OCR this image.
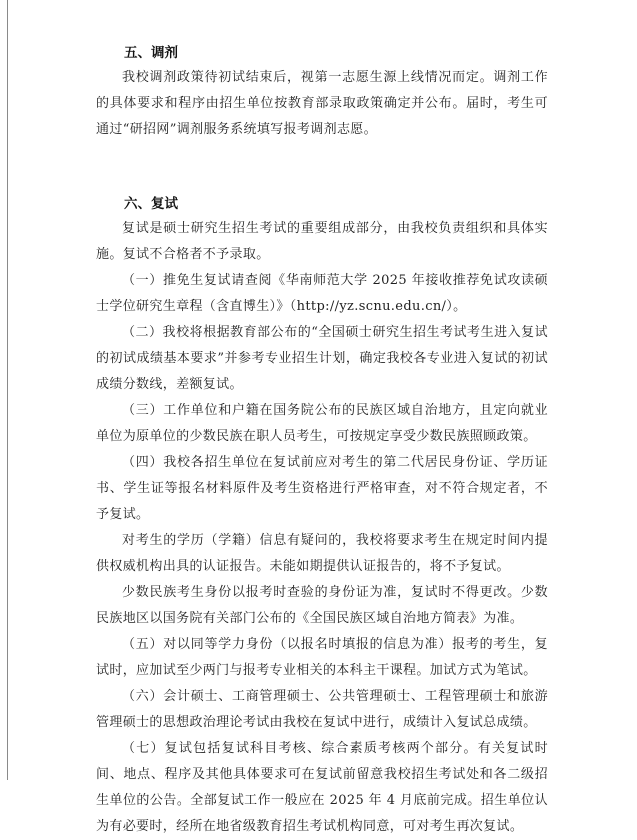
五、调剂

我校调剂政策待初试结束后，视第一志愿生源上线情况而定。调剂工作的具体要求和程序由招生单位按教育部录取政策确定并公布。届时，考生可通过“研招网”调剂服务系统填写报考调剂志愿。

六、复试

复试是硕士研究生招生考试的重要组成部分，由我校负责组织和具体实施。复试不合格者不予录取。

（一）推免生复试请查阅《华南师范大学 2025 年接收推荐免试攻读硕士学位研究生章程（含直博生）》（http://yz.scnu.edu.cn/）。

（二）我校将根据教育部公布的“全国硕士研究生招生考试考生进入复试的初试成绩基本要求”并参考专业招生计划，确定我校各专业进入复试的初试成绩分数线，差额复试。

（三）工作单位和户籍在国务院公布的民族区域自治地方，且定向就业单位为原单位的少数民族在职人员考生，可按规定享受少数民族照顾政策。

（四）我校各招生单位在复试前应对考生的第二代居民身份证、学历证书、学生证等报名材料原件及考生资格进行严格审查，对不符合规定者，不予复试。

对考生的学历（学籍）信息有疑问的，我校将要求考生在规定时间内提供权威机构出具的认证报告。未能如期提供认证报告的，将不予复试。

少数民族考生身份以报考时查验的身份证为准，复试时不得更改。少数民族地区以国务院有关部门公布的《全国民族区域自治地方简表》为准。

（五）对以同等学力身份（以报名时填报的信息为准）报考的考生，复试时，应加试至少两门与报考专业相关的本科主干课程。加试方式为笔试。

（六）会计硕士、工商管理硕士、公共管理硕士、工程管理硕士和旅游管理硕士的思想政治理论考试由我校在复试中进行，成绩计入复试总成绩。

（七）复试包括复试科目考核、综合素质考核两个部分。有关复试时间、地点、程序及其他具体要求可在复试前留意我校招生考试处和各二级招生单位的公告。全部复试工作一般应在 2025 年 4 月底前完成。招生单位认为有必要时，经所在地省级教育招生考试机构同意，可对考生再次复试。
